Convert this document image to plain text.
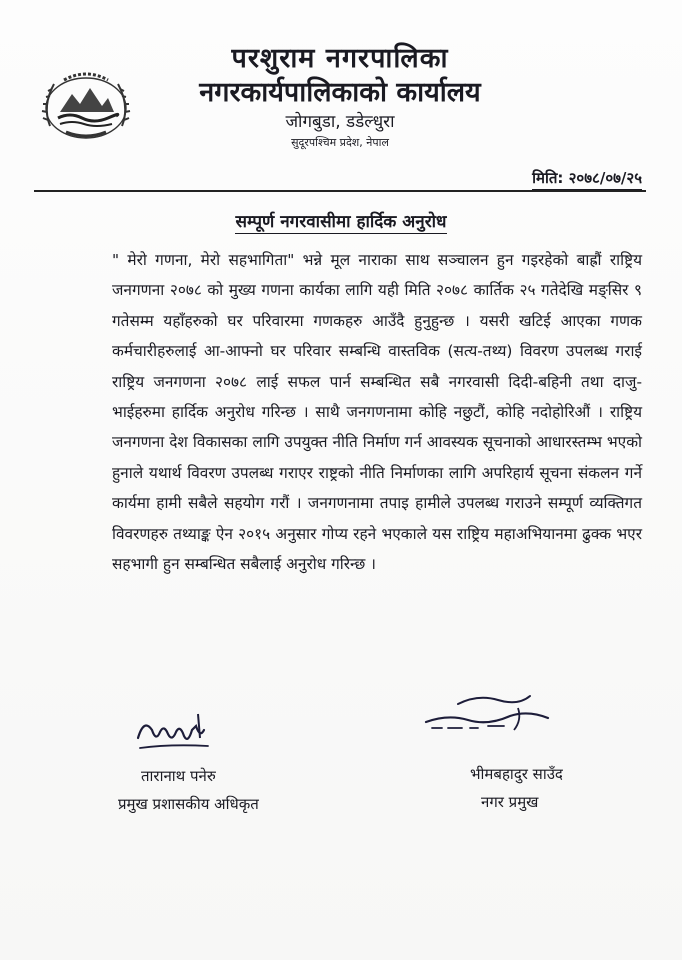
परशुराम नगरपालिका
नगरकार्यपालिकाको कार्यालय
जोगबुडा, डडेल्धुरा
सुदूरपश्चिम प्रदेश, नेपाल
मिति: २०७८/०७/२५
सम्पूर्ण नगरवासीमा हार्दिक अनुरोध

" मेरो गणना, मेरो सहभागिता" भन्ने मूल नाराका साथ सञ्चालन हुन गइरहेको बाह्रौं राष्ट्रिय जनगणना २०७८ को मुख्य गणना कार्यका लागि यही मिति २०७८ कार्तिक २५ गतेदेखि मङ्सिर ९ गतेसम्म यहाँहरुको घर परिवारमा गणकहरु आउँदै हुनुहुन्छ । यसरी खटिई आएका गणक कर्मचारीहरुलाई आ-आफ्नो घर परिवार सम्बन्धि वास्तविक (सत्य-तथ्य) विवरण उपलब्ध गराई राष्ट्रिय जनगणना २०७८ लाई सफल पार्न सम्बन्धित सबै नगरवासी दिदी-बहिनी तथा दाजु-भाईहरुमा हार्दिक अनुरोध गरिन्छ । साथै जनगणनामा कोहि नछुटौं, कोहि नदोहोरिऔं । राष्ट्रिय जनगणना देश विकासका लागि उपयुक्त नीति निर्माण गर्न आवस्यक सूचनाको आधारस्तम्भ भएको हुनाले यथार्थ विवरण उपलब्ध गराएर राष्ट्रको नीति निर्माणका लागि अपरिहार्य सूचना संकलन गर्ने कार्यमा हामी सबैले सहयोग गरौं । जनगणनामा तपाइ हामीले उपलब्ध गराउने सम्पूर्ण व्यक्तिगत विवरणहरु तथ्याङ्क ऐन २०१५ अनुसार गोप्य रहने भएकाले यस राष्ट्रिय महाअभियानमा ढुक्क भएर सहभागी हुन सम्बन्धित सबैलाई अनुरोध गरिन्छ ।

तारानाथ पनेरु
प्रमुख प्रशासकीय अधिकृत
भीमबहादुर साउँद
नगर प्रमुख
